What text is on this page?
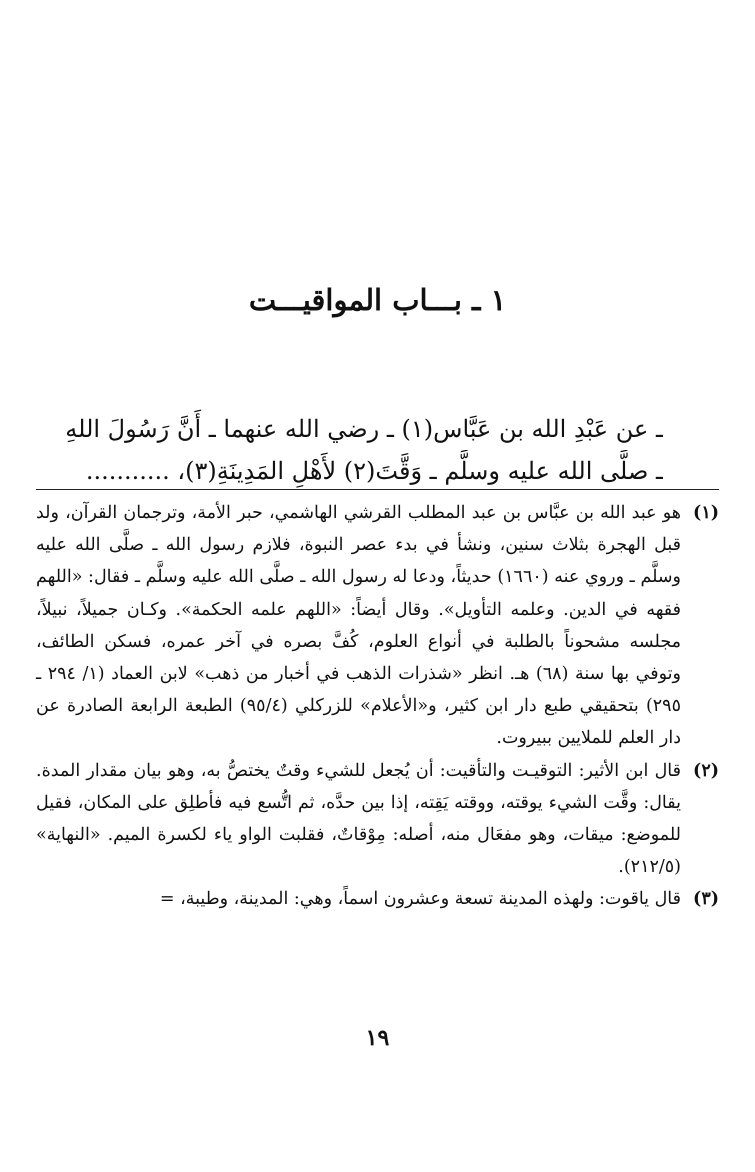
١ ـ بـــاب المواقيـــت
ـ عن عَبْدِ الله بن عَبَّاس(١) ـ رضي الله عنهما ـ أَنَّ رَسُولَ اللهِ
ـ صلَّى الله عليه وسلَّم ـ وَقَّتَ(٢) لأَهْلِ المَدِينَةِ(٣)، ...........
(١)
هو عبد الله بن عبَّاس بن عبد المطلب القرشي الهاشمي، حبر الأمة، وترجمان القرآن، ولد قبل الهجرة بثلاث سنين، ونشأ في بدء عصر النبوة، فلازم رسول الله ـ صلَّى الله عليه وسلَّم ـ وروي عنه (١٦٦٠) حديثاً، ودعا له رسول الله ـ صلَّى الله عليه وسلَّم ـ فقال: «اللهم فقهه في الدين. وعلمه التأويل». وقال أيضاً: «اللهم علمه الحكمة». وكـان جميلاً، نبيلاً، مجلسه مشحوناً بالطلبة في أنواع العلوم، كُفَّ بصره في آخر عمره، فسكن الطائف، وتوفي بها سنة (٦٨) هـ. انظر «شذرات الذهب في أخبار من ذهب» لابن العماد (١/ ٢٩٤ ـ ٢٩٥) بتحقيقي طبع دار ابن كثير، و«الأعلام» للزركلي (٩٥/٤) الطبعة الرابعة الصادرة عن دار العلم للملايين ببيروت.
(٢)
قال ابن الأثير: التوقيـت والتأقيت: أن يُجعل للشيء وقتٌ يختصُّ به، وهو بيان مقدار المدة. يقال: وقَّت الشيء يوقته، ووقته يَقِته، إذا بين حدَّه، ثم اتُّسع فيه فأطلِق على المكان، فقيل للموضع: ميقات، وهو مفعَال منه، أصله: مِوْقاتٌ، فقلبت الواو ياء لكسرة الميم. «النهاية» (٢١٢/٥).
(٣)
قال ياقوت: ولهذه المدينة تسعة وعشرون اسماً، وهي: المدينة، وطيبة، =
١٩
